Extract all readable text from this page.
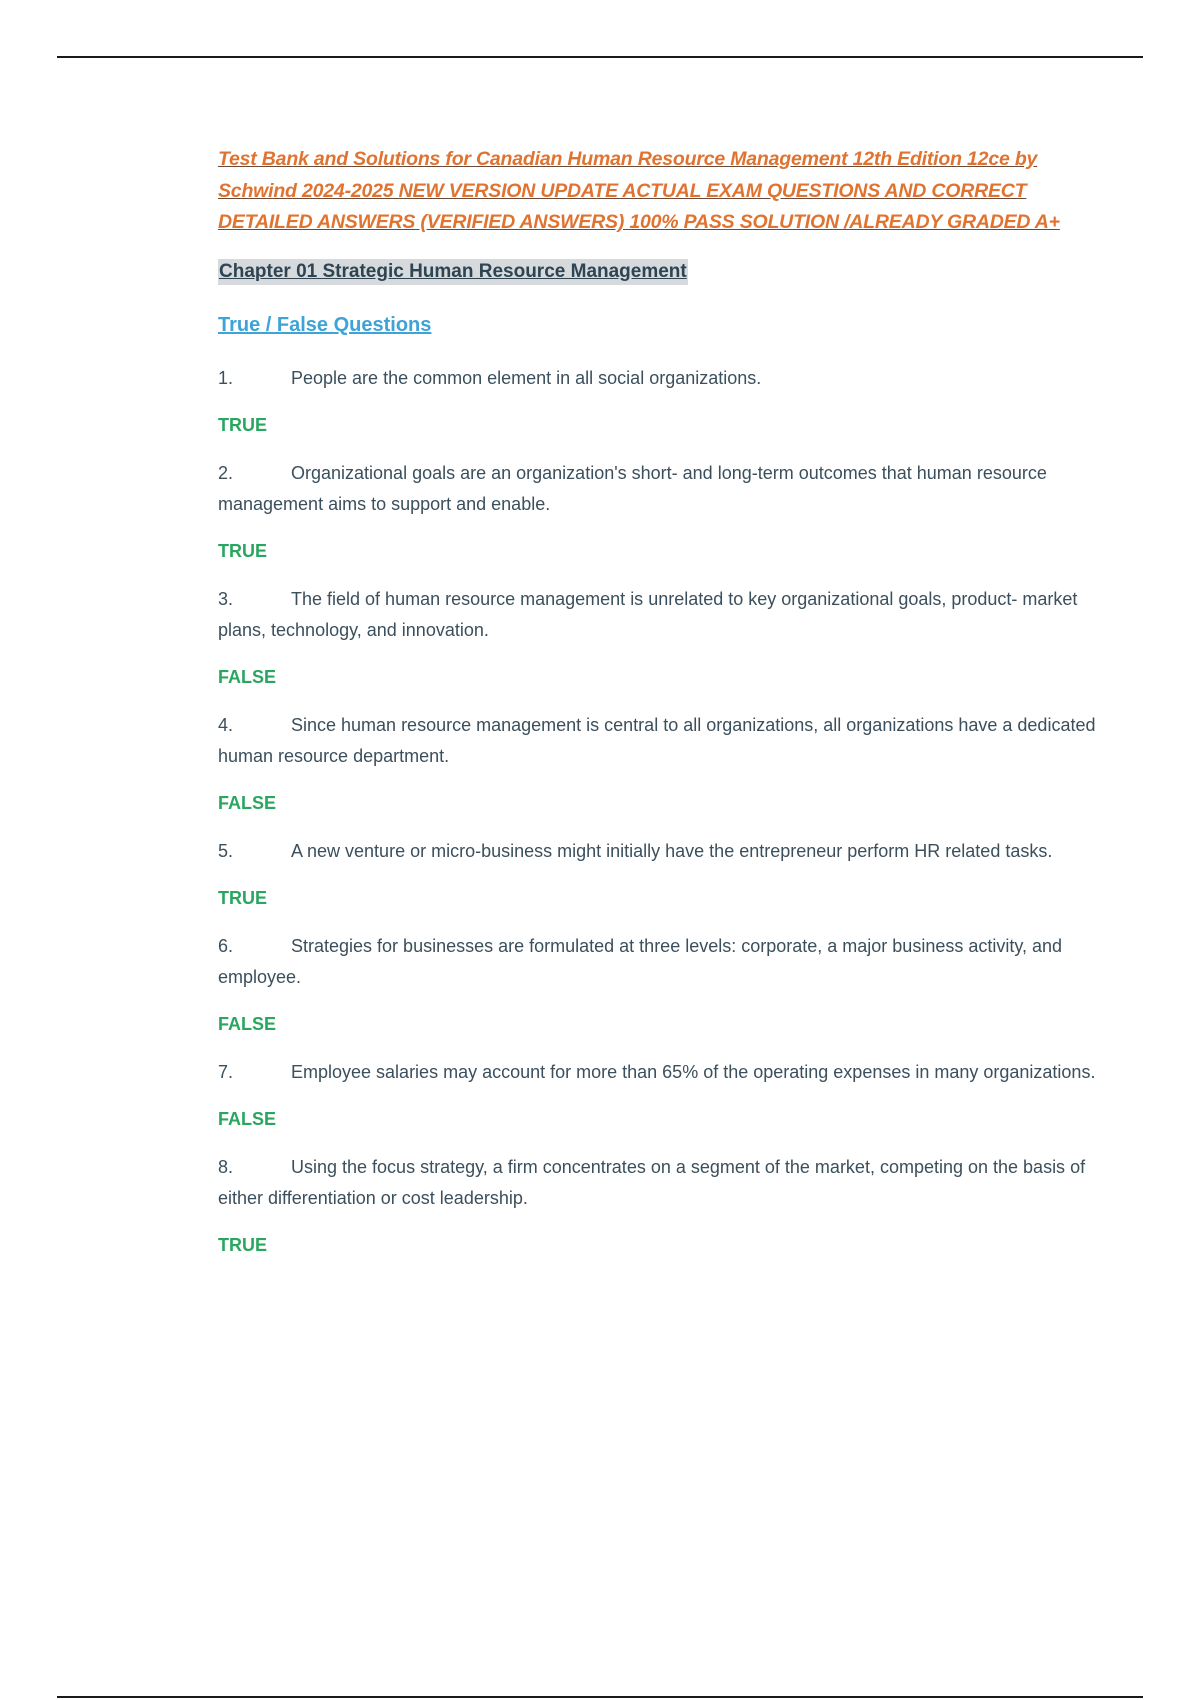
Test Bank and Solutions for Canadian Human Resource Management 12th Edition 12ce by Schwind 2024-2025 NEW VERSION UPDATE ACTUAL EXAM QUESTIONS AND CORRECT DETAILED ANSWERS (VERIFIED ANSWERS) 100% PASS SOLUTION /ALREADY GRADED A+
Chapter 01 Strategic Human Resource Management
True / False Questions
1.	People are the common element in all social organizations.
TRUE
2.	Organizational goals are an organization's short- and long-term outcomes that human resource management aims to support and enable.
TRUE
3.	The field of human resource management is unrelated to key organizational goals, product- market plans, technology, and innovation.
FALSE
4.	Since human resource management is central to all organizations, all organizations have a dedicated human resource department.
FALSE
5.	A new venture or micro-business might initially have the entrepreneur perform HR related tasks.
TRUE
6.	Strategies for businesses are formulated at three levels: corporate, a major business activity, and employee.
FALSE
7.	Employee salaries may account for more than 65% of the operating expenses in many organizations.
FALSE
8.	Using the focus strategy, a firm concentrates on a segment of the market, competing on the basis of either differentiation or cost leadership.
TRUE
